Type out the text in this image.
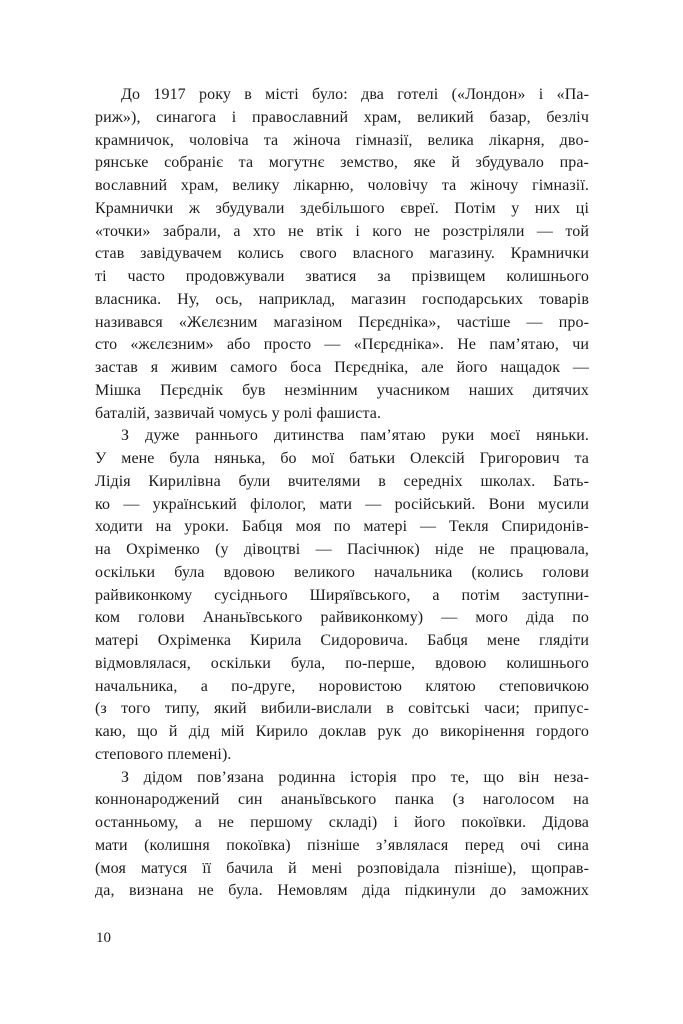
До 1917 року в місті було: два готелі («Лондон» і «Па-
риж»), синагога і православний храм, великий базар, безліч
крамничок, чоловіча та жіноча гімназії, велика лікарня, дво-
рянське собраніє та могутнє земство, яке й збудувало пра-
вославний храм, велику лікарню, чоловічу та жіночу гімназії.
Крамнички ж збудували здебільшого євреї. Потім у них ці
«точки» забрали, а хто не втік і кого не розстріляли — той
став завідувачем колись свого власного магазину. Крамнички
ті часто продовжували зватися за прізвищем колишнього
власника. Ну, ось, наприклад, магазин господарських товарів
називався «Жєлєзним магазіном Пєрєдніка», частіше — про-
сто «жєлєзним» або просто — «Пєрєдніка». Не пам’ятаю, чи
застав я живим самого боса Пєрєдніка, але його нащадок —
Мішка Пєрєднік був незмінним учасником наших дитячих
баталій, зазвичай чомусь у ролі фашиста.

З дуже раннього дитинства пам’ятаю руки моєї няньки.
У мене була нянька, бо мої батьки Олексій Григорович та
Лідія Кирилівна були вчителями в середніх школах. Бать-
ко — український філолог, мати — російський. Вони мусили
ходити на уроки. Бабця моя по матері — Текля Спиридонів-
на Охріменко (у дівоцтві — Пасічнюк) ніде не працювала,
оскільки була вдовою великого начальника (колись голови
райвиконкому сусіднього Ширяївського, а потім заступни-
ком голови Ананьївського райвиконкому) — мого діда по
матері Охріменка Кирила Сидоровича. Бабця мене глядіти
відмовлялася, оскільки була, по-перше, вдовою колишнього
начальника, а по-друге, норовистою клятою степовичкою
(з того типу, який вибили-вислали в совітські часи; припус-
каю, що й дід мій Кирило доклав рук до викорінення гордого
степового племені).

З дідом пов’язана родинна історія про те, що він неза-
коннонароджений син ананьївського панка (з наголосом на
останньому, а не першому складі) і його покоївки. Дідова
мати (колишня покоївка) пізніше з’являлася перед очі сина
(моя матуся її бачила й мені розповідала пізніше), щоправ-
да, визнана не була. Немовлям діда підкинули до заможних

10
